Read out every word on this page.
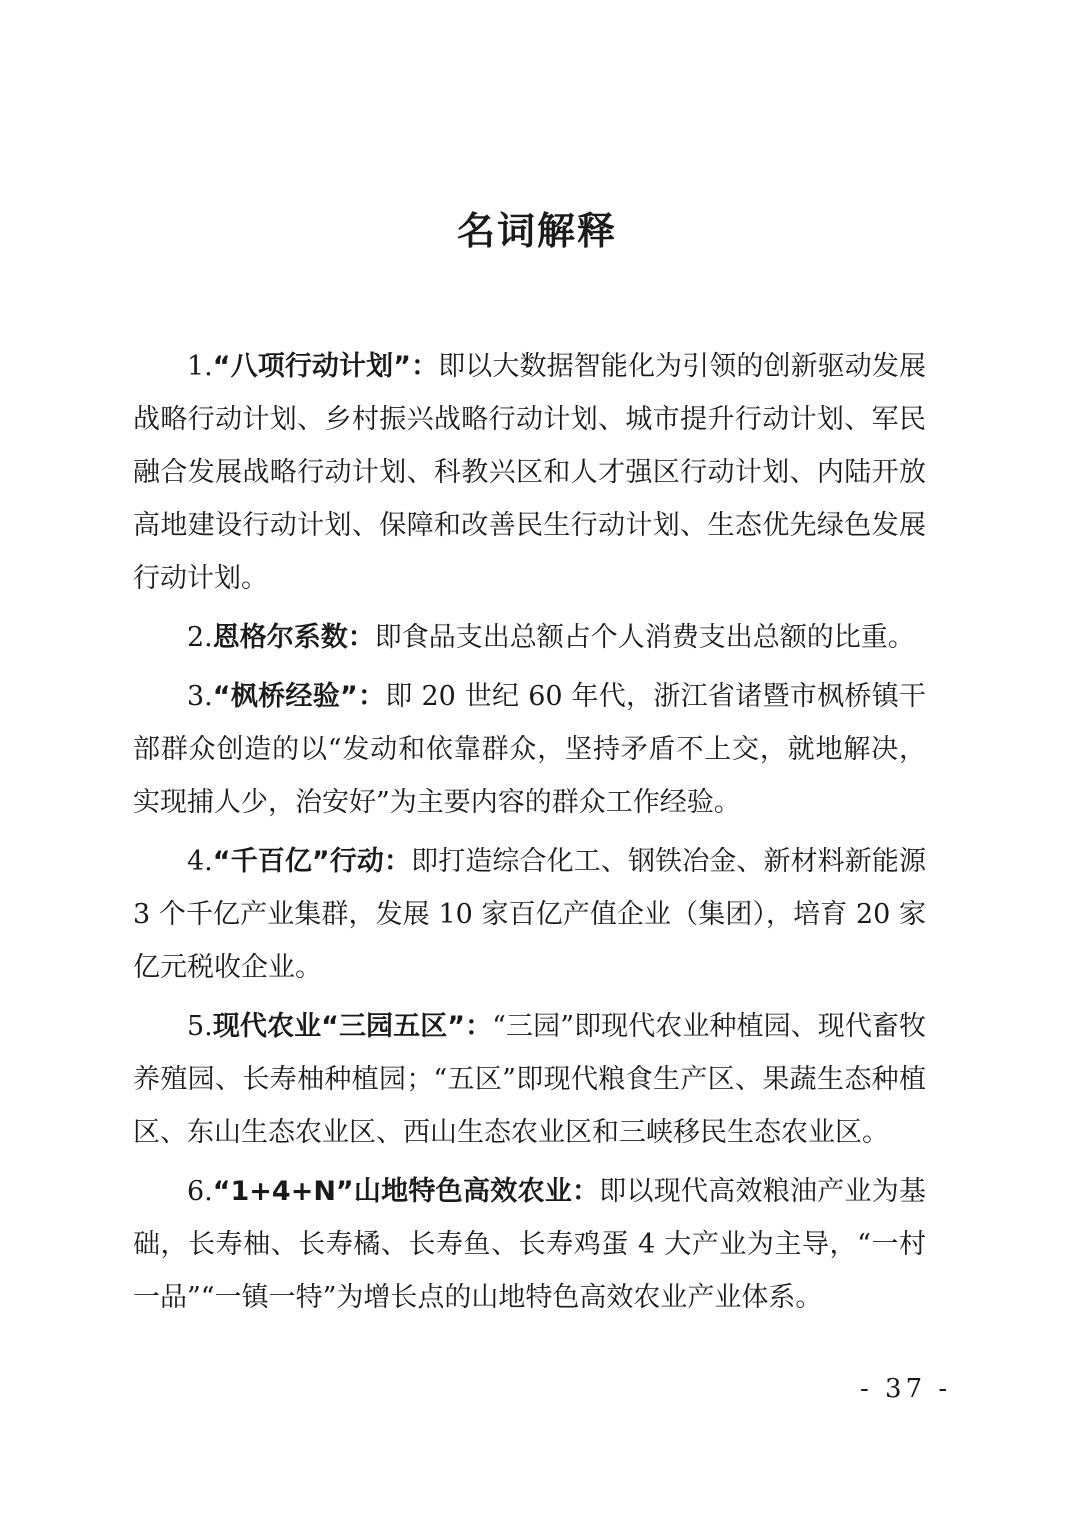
名词解释

1.“八项行动计划”：即以大数据智能化为引领的创新驱动发展战略行动计划、乡村振兴战略行动计划、城市提升行动计划、军民融合发展战略行动计划、科教兴区和人才强区行动计划、内陆开放高地建设行动计划、保障和改善民生行动计划、生态优先绿色发展行动计划。

2.恩格尔系数：即食品支出总额占个人消费支出总额的比重。

3.“枫桥经验”：即 20 世纪 60 年代，浙江省诸暨市枫桥镇干部群众创造的以“发动和依靠群众，坚持矛盾不上交，就地解决，实现捕人少，治安好”为主要内容的群众工作经验。

4.“千百亿”行动：即打造综合化工、钢铁冶金、新材料新能源 3 个千亿产业集群，发展 10 家百亿产值企业（集团），培育 20 家亿元税收企业。

5.现代农业“三园五区”：“三园”即现代农业种植园、现代畜牧养殖园、长寿柚种植园；“五区”即现代粮食生产区、果蔬生态种植区、东山生态农业区、西山生态农业区和三峡移民生态农业区。

6.“1+4+N”山地特色高效农业：即以现代高效粮油产业为基础，长寿柚、长寿橘、长寿鱼、长寿鸡蛋 4 大产业为主导，“一村一品”“一镇一特”为增长点的山地特色高效农业产业体系。

- 37 -
